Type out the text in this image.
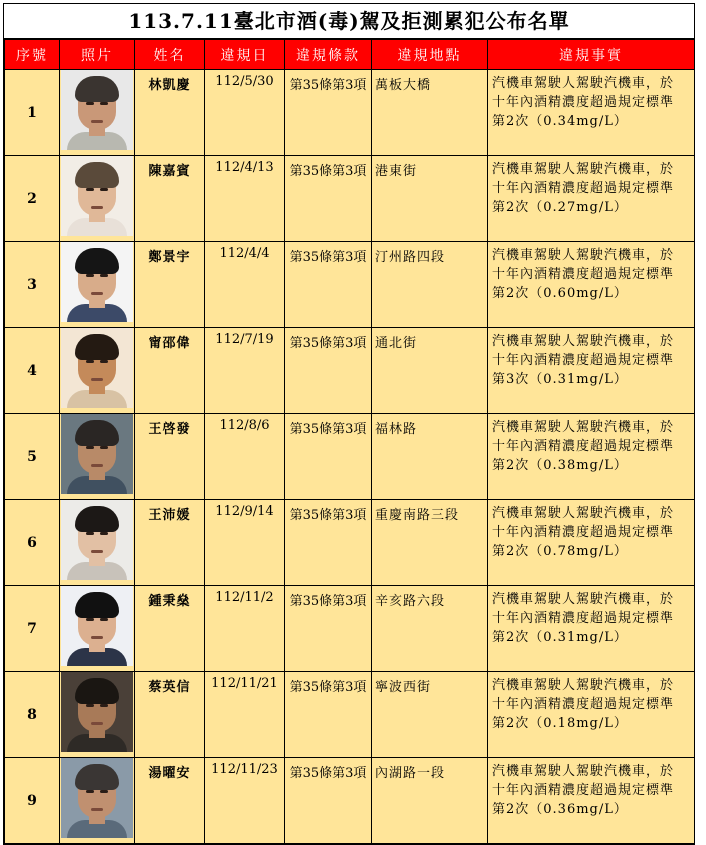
113.7.11臺北市酒(毒)駕及拒測累犯公布名單
序號	照片	姓名	違規日	違規條款	違規地點	違規事實
1		林凱慶	112/5/30	第35條第3項	萬板大橋	汽機車駕駛人駕駛汽機車，於
十年內酒精濃度超過規定標準
第2次（0.34mg/L）

2		陳嘉賓	112/4/13	第35條第3項	港東街	汽機車駕駛人駕駛汽機車，於
十年內酒精濃度超過規定標準
第2次（0.27mg/L）

3		鄭景宇	112/4/4	第35條第3項	汀州路四段	汽機車駕駛人駕駛汽機車，於
十年內酒精濃度超過規定標準
第2次（0.60mg/L）

4		甯邵偉	112/7/19	第35條第3項	通北街	汽機車駕駛人駕駛汽機車，於
十年內酒精濃度超過規定標準
第3次（0.31mg/L）

5		王啓發	112/8/6	第35條第3項	福林路	汽機車駕駛人駕駛汽機車，於
十年內酒精濃度超過規定標準
第2次（0.38mg/L）

6		王沛媛	112/9/14	第35條第3項	重慶南路三段	汽機車駕駛人駕駛汽機車，於
十年內酒精濃度超過規定標準
第2次（0.78mg/L）

7		鍾秉燊	112/11/2	第35條第3項	辛亥路六段	汽機車駕駛人駕駛汽機車，於
十年內酒精濃度超過規定標準
第2次（0.31mg/L）

8		蔡英信	112/11/21	第35條第3項	寧波西街	汽機車駕駛人駕駛汽機車，於
十年內酒精濃度超過規定標準
第2次（0.18mg/L）

9		湯曜安	112/11/23	第35條第3項	內湖路一段	汽機車駕駛人駕駛汽機車，於
十年內酒精濃度超過規定標準
第2次（0.36mg/L）
